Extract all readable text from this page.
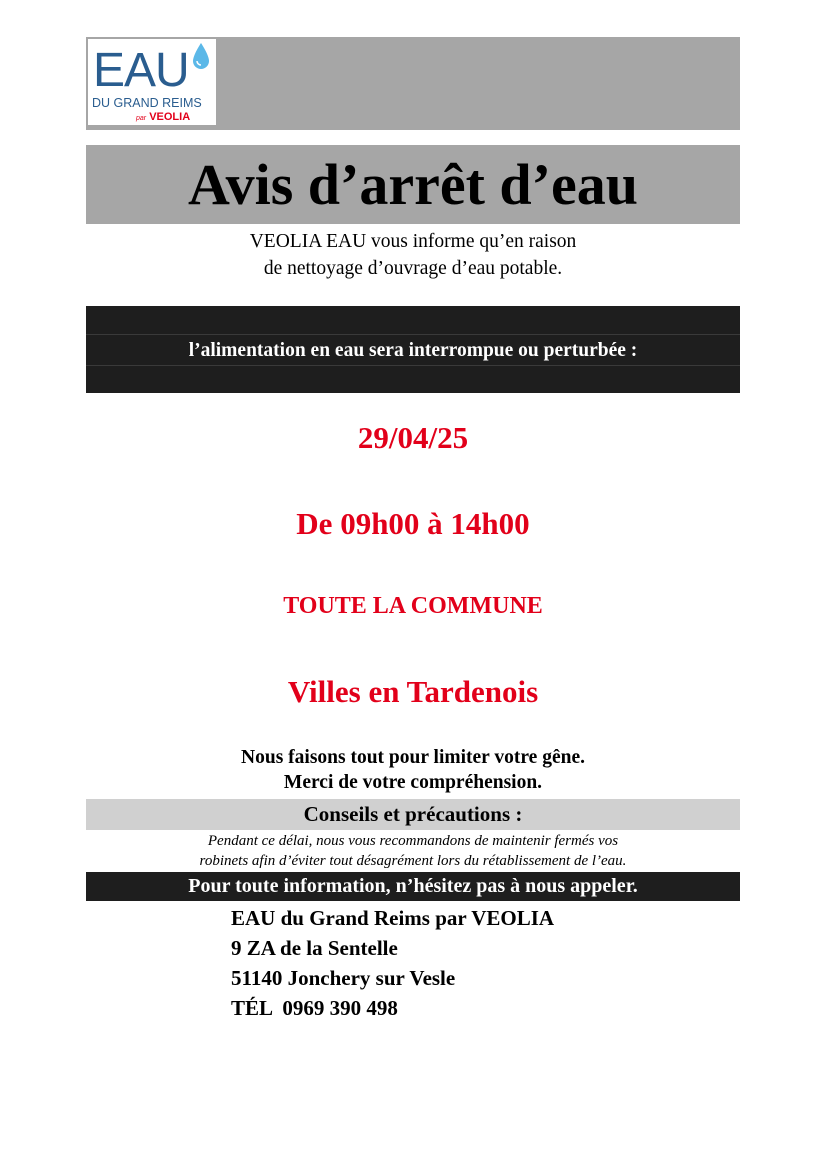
EAU
DU GRAND REIMS
par VEOLIA
Avis d’arrêt d’eau
VEOLIA EAU vous informe qu’en raison
de nettoyage d’ouvrage d’eau potable.
l’alimentation en eau sera interrompue ou perturbée :
29/04/25
De 09h00 à 14h00
TOUTE LA COMMUNE
Villes en Tardenois
Nous faisons tout pour limiter votre gêne.
Merci de votre compréhension.
Conseils et précautions :
Pendant ce délai, nous vous recommandons de maintenir fermés vos
robinets afin d’éviter tout désagrément lors du rétablissement de l’eau.
Pour toute information, n’hésitez pas à nous appeler.
EAU du Grand Reims par VEOLIA
9 ZA de la Sentelle
51140 Jonchery sur Vesle
TÉL  0969 390 498
